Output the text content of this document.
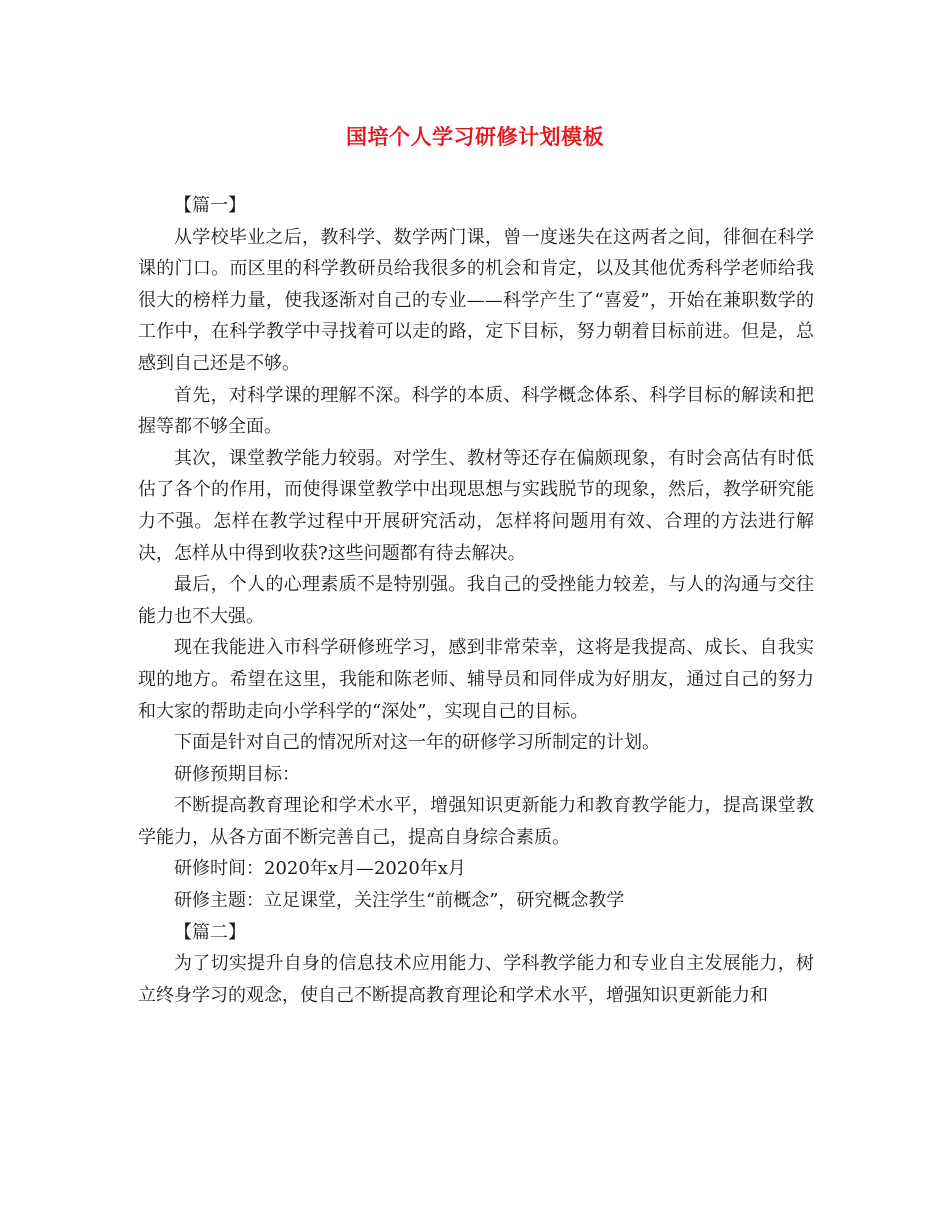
国培个人学习研修计划模板

【篇一】

从学校毕业之后，教科学、数学两门课，曾一度迷失在这两者之间，徘徊在科学课的门口。而区里的科学教研员给我很多的机会和肯定，以及其他优秀科学老师给我很大的榜样力量，使我逐渐对自己的专业——科学产生了“喜爱”，开始在兼职数学的工作中，在科学教学中寻找着可以走的路，定下目标，努力朝着目标前进。但是，总感到自己还是不够。

首先，对科学课的理解不深。科学的本质、科学概念体系、科学目标的解读和把握等都不够全面。

其次，课堂教学能力较弱。对学生、教材等还存在偏颇现象，有时会高估有时低估了各个的作用，而使得课堂教学中出现思想与实践脱节的现象，然后，教学研究能力不强。怎样在教学过程中开展研究活动，怎样将问题用有效、合理的方法进行解决，怎样从中得到收获?这些问题都有待去解决。

最后，个人的心理素质不是特别强。我自己的受挫能力较差，与人的沟通与交往能力也不大强。

现在我能进入市科学研修班学习，感到非常荣幸，这将是我提高、成长、自我实现的地方。希望在这里，我能和陈老师、辅导员和同伴成为好朋友，通过自己的努力和大家的帮助走向小学科学的“深处”，实现自己的目标。

下面是针对自己的情况所对这一年的研修学习所制定的计划。

研修预期目标：

不断提高教育理论和学术水平，增强知识更新能力和教育教学能力，提高课堂教学能力，从各方面不断完善自己，提高自身综合素质。

研修时间：2020年x月—2020年x月

研修主题：立足课堂，关注学生“前概念”，研究概念教学

【篇二】

为了切实提升自身的信息技术应用能力、学科教学能力和专业自主发展能力，树立终身学习的观念，使自己不断提高教育理论和学术水平，增强知识更新能力和
